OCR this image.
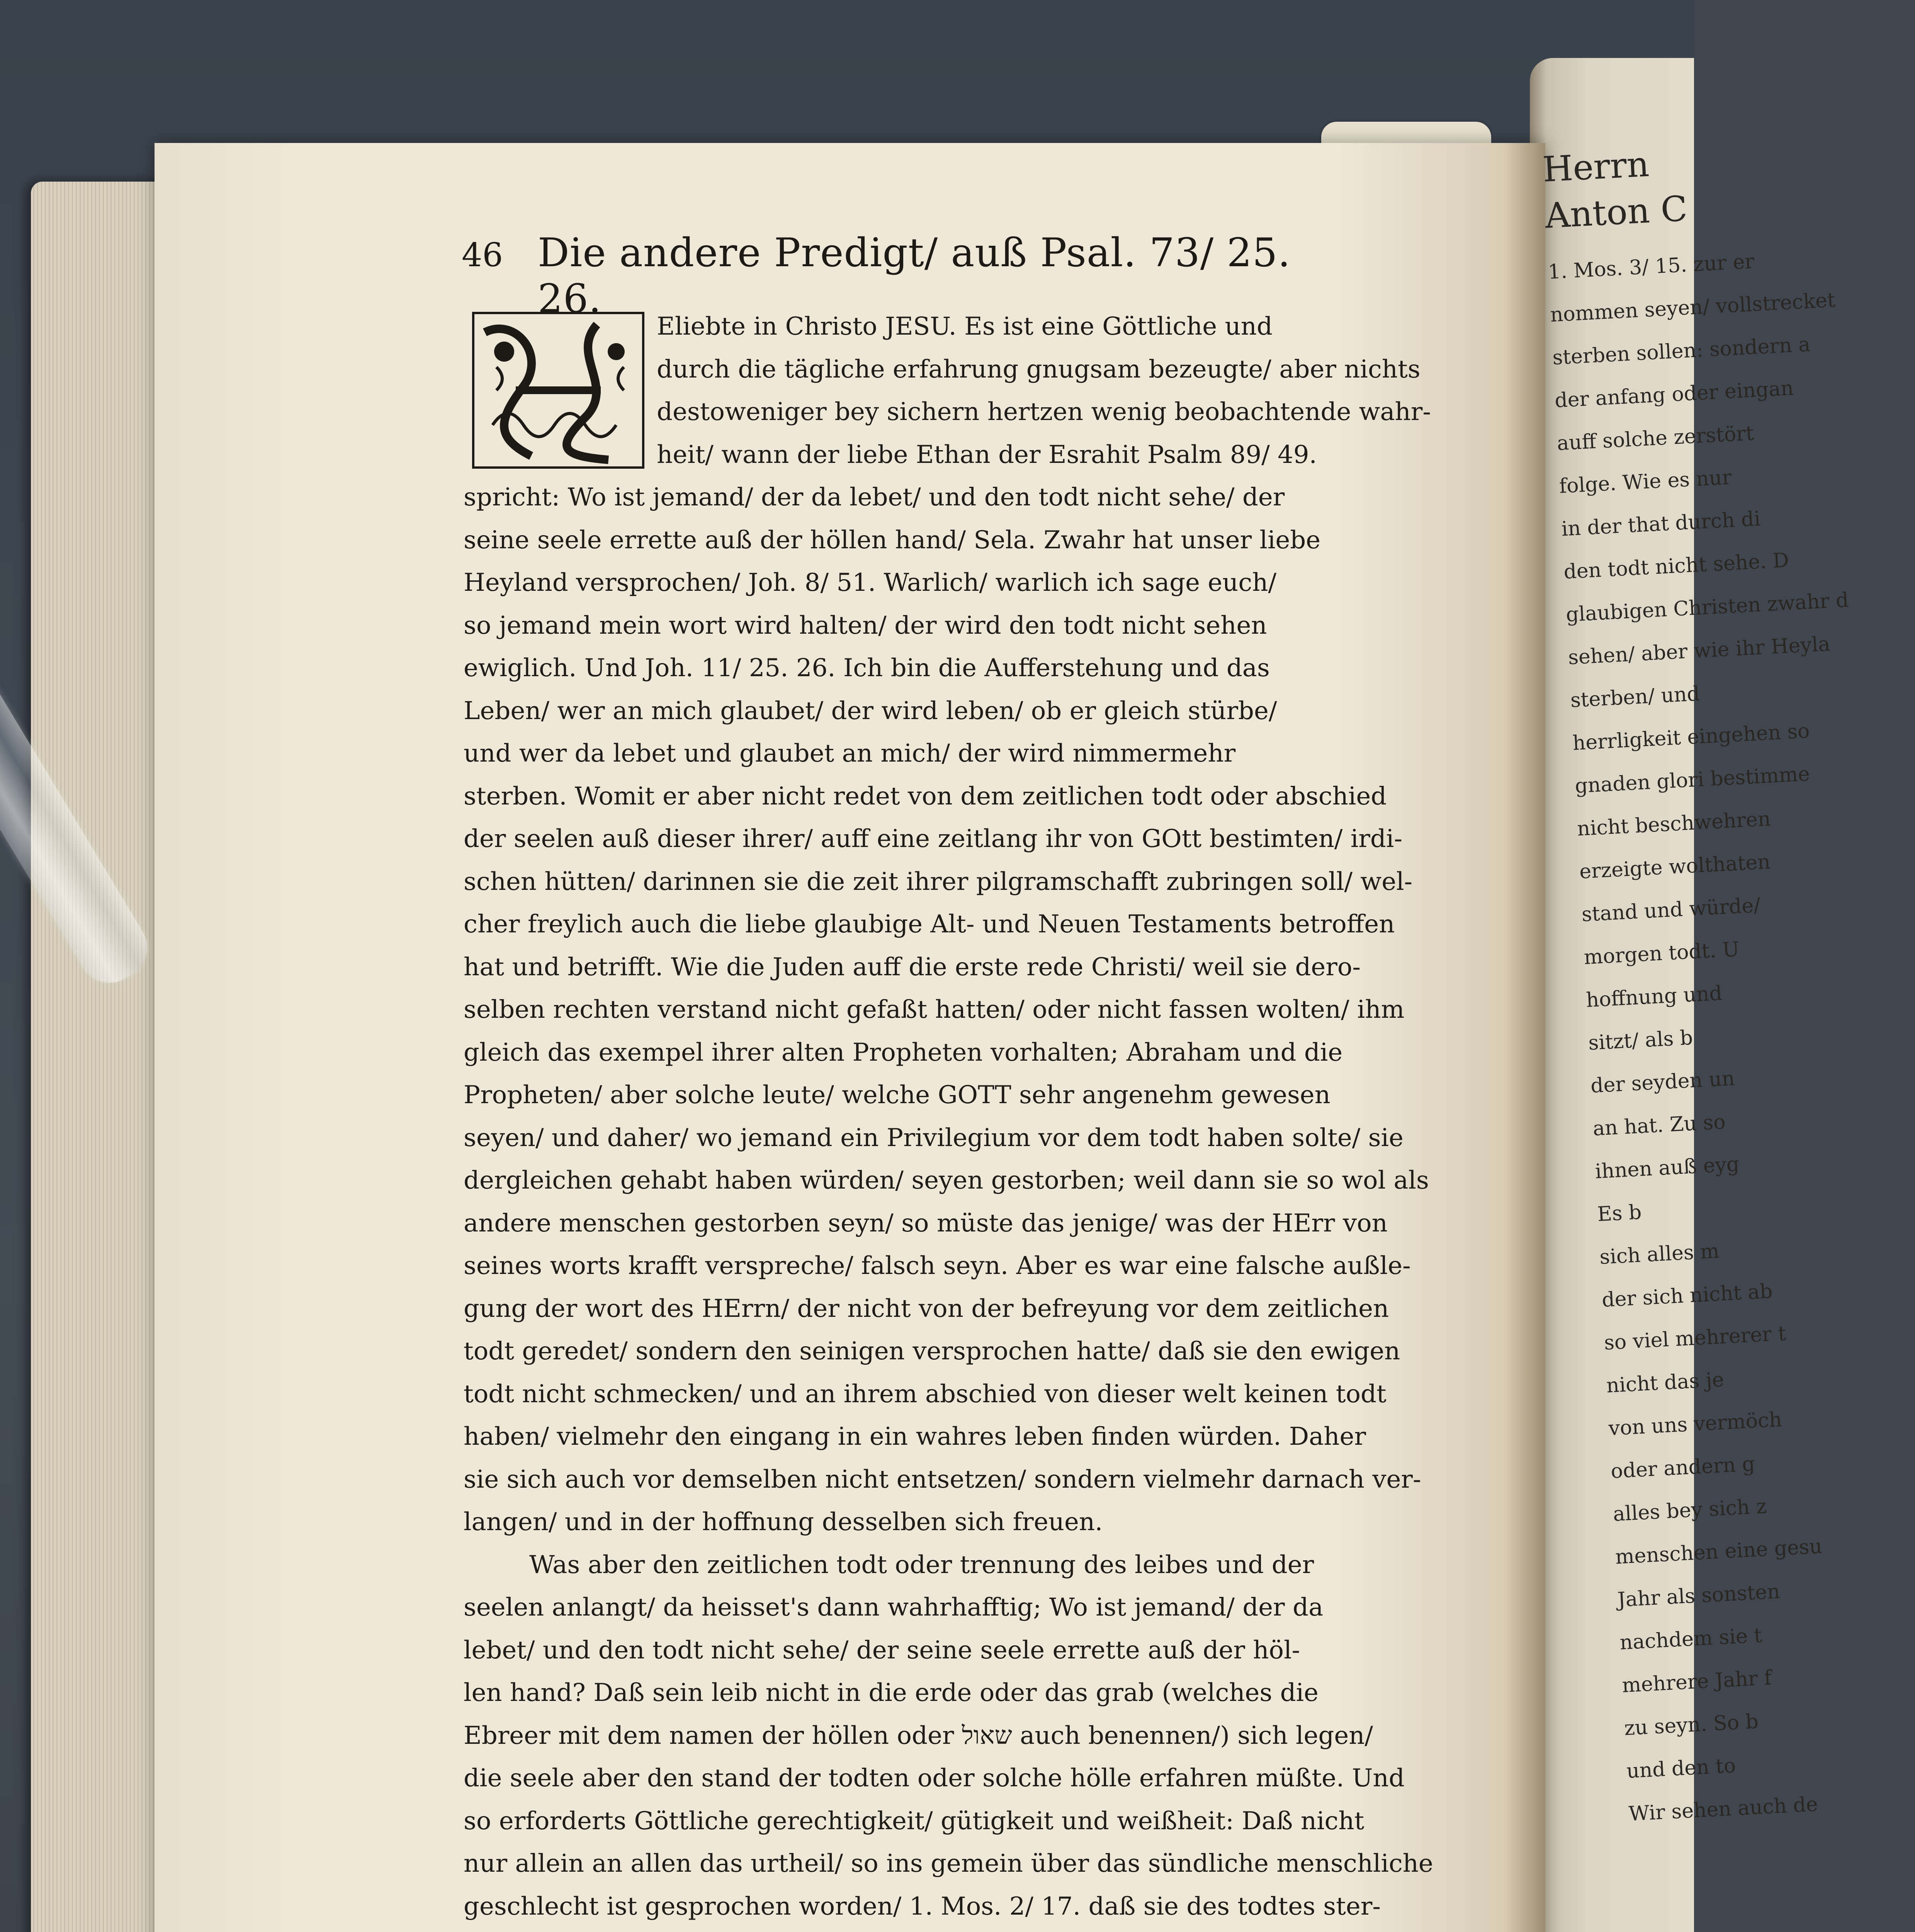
46 Die andere Predigt/ auß Psal. 73/ 25. 26.
Eliebte in Christo JESU. Es ist eine Göttliche und
durch die tägliche erfahrung gnugsam bezeugte/ aber nichts
destoweniger bey sichern hertzen wenig beobachtende wahr-
heit/ wann der liebe Ethan der Esrahit Psalm 89/ 49.
spricht: Wo ist jemand/ der da lebet/ und den todt nicht sehe/ der
seine seele errette auß der höllen hand/ Sela. Zwahr hat unser liebe
Heyland versprochen/ Joh. 8/ 51. Warlich/ warlich ich sage euch/
so jemand mein wort wird halten/ der wird den todt nicht sehen
ewiglich. Und Joh. 11/ 25. 26. Ich bin die Aufferstehung und das
Leben/ wer an mich glaubet/ der wird leben/ ob er gleich stürbe/
und wer da lebet und glaubet an mich/ der wird nimmermehr
sterben. Womit er aber nicht redet von dem zeitlichen todt oder abschied
der seelen auß dieser ihrer/ auff eine zeitlang ihr von GOtt bestimten/ irdi-
schen hütten/ darinnen sie die zeit ihrer pilgramschafft zubringen soll/ wel-
cher freylich auch die liebe glaubige Alt- und Neuen Testaments betroffen
hat und betrifft. Wie die Juden auff die erste rede Christi/ weil sie dero-
selben rechten verstand nicht gefaßt hatten/ oder nicht fassen wolten/ ihm
gleich das exempel ihrer alten Propheten vorhalten; Abraham und die
Propheten/ aber solche leute/ welche GOTT sehr angenehm gewesen
seyen/ und daher/ wo jemand ein Privilegium vor dem todt haben solte/ sie
dergleichen gehabt haben würden/ seyen gestorben; weil dann sie so wol als
andere menschen gestorben seyn/ so müste das jenige/ was der HErr von
seines worts krafft verspreche/ falsch seyn. Aber es war eine falsche außle-
gung der wort des HErrn/ der nicht von der befreyung vor dem zeitlichen
todt geredet/ sondern den seinigen versprochen hatte/ daß sie den ewigen
todt nicht schmecken/ und an ihrem abschied von dieser welt keinen todt
haben/ vielmehr den eingang in ein wahres leben finden würden. Daher
sie sich auch vor demselben nicht entsetzen/ sondern vielmehr darnach ver-
langen/ und in der hoffnung desselben sich freuen.
Was aber den zeitlichen todt oder trennung des leibes und der
seelen anlangt/ da heisset's dann wahrhafftig; Wo ist jemand/ der da
lebet/ und den todt nicht sehe/ der seine seele errette auß der höl-
len hand? Daß sein leib nicht in die erde oder das grab (welches die
Ebreer mit dem namen der höllen oder שאול auch benennen/) sich legen/
die seele aber den stand der todten oder solche hölle erfahren müßte. Und
so erforderts Göttliche gerechtigkeit/ gütigkeit und weißheit: Daß nicht
nur allein an allen das urtheil/ so ins gemein über das sündliche menschliche
geschlecht ist gesprochen worden/ 1. Mos. 2/ 17. daß sie des todtes ster-
Herrn Anton C
1. Mos. 3/ 15. zur er
nommen seyen/ vollstrecket
sterben sollen: sondern a
der anfang oder eingan
auff solche zerstört
folge. Wie es nur
in der that durch di
den todt nicht sehe. D
glaubigen Christen zwahr d
sehen/ aber wie ihr Heyla
sterben/ und
herrligkeit eingehen so
gnaden glori bestimme
nicht beschwehren
erzeigte wolthaten
stand und würde/
morgen todt. U
hoffnung und
sitzt/ als b
der seyden un
an hat. Zu so
ihnen auß eyg
Es b
sich alles m
der sich nicht ab
so viel mehrerer t
nicht das je
von uns vermöch
oder andern g
alles bey sich z
menschen eine gesu
Jahr als sonsten
nachdem sie t
mehrere Jahr f
zu seyn. So b
und den to
Wir sehen auch de
